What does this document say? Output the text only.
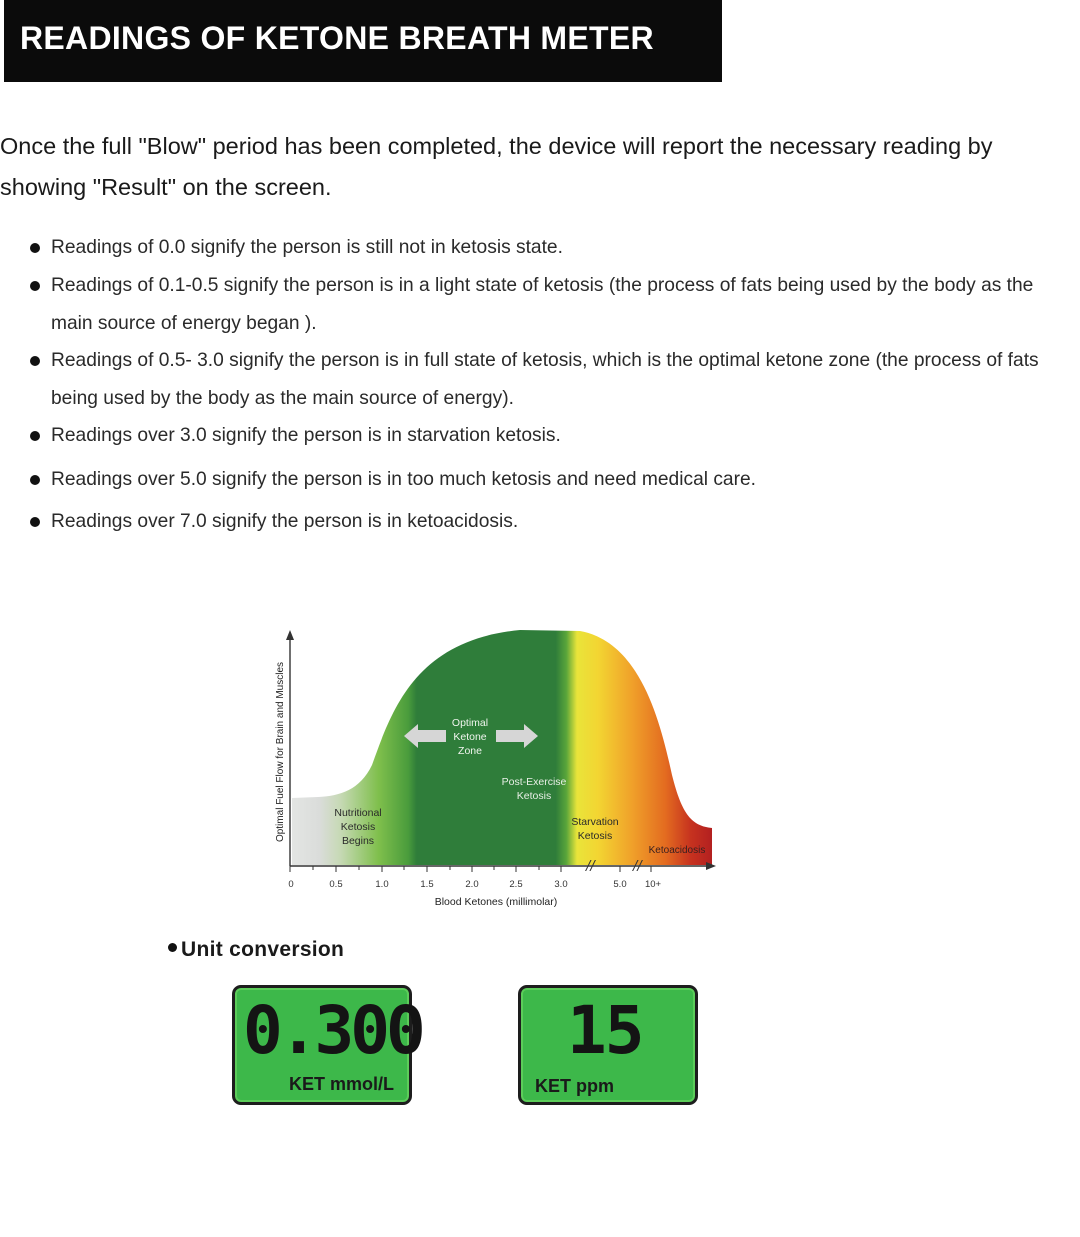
READINGS OF KETONE BREATH METER

Once the full "Blow" period has been completed, the device will report the necessary reading by showing "Result" on the screen.

Readings of 0.0 signify the person is still not in ketosis state.
Readings of 0.1-0.5 signify the person is in a light state of ketosis (the process of fats being used by the body as the main source of energy began ).
Readings of 0.5- 3.0 signify the person is in full state of ketosis, which is the optimal ketone zone (the process of fats being used by the body as the main source of energy).
Readings over 3.0 signify the person is in starvation ketosis.
Readings over 5.0 signify the person is in too much ketosis and need medical care.
Readings over 7.0 signify the person is in ketoacidosis.
//	//
0	0.5	1.0	1.5	2.0	2.5	3.0	5.0 10+
Blood Ketones (millimolar)
Optimal Fuel Flow for Brain and Muscles	Optimal
Ketone
Zone
Post-Exercise
Ketosis
Nutritional
Ketosis
Begins
Starvation
Ketosis
Ketoacidosis
Unit conversion
0.300
KET mmol/L
15
KET ppm
